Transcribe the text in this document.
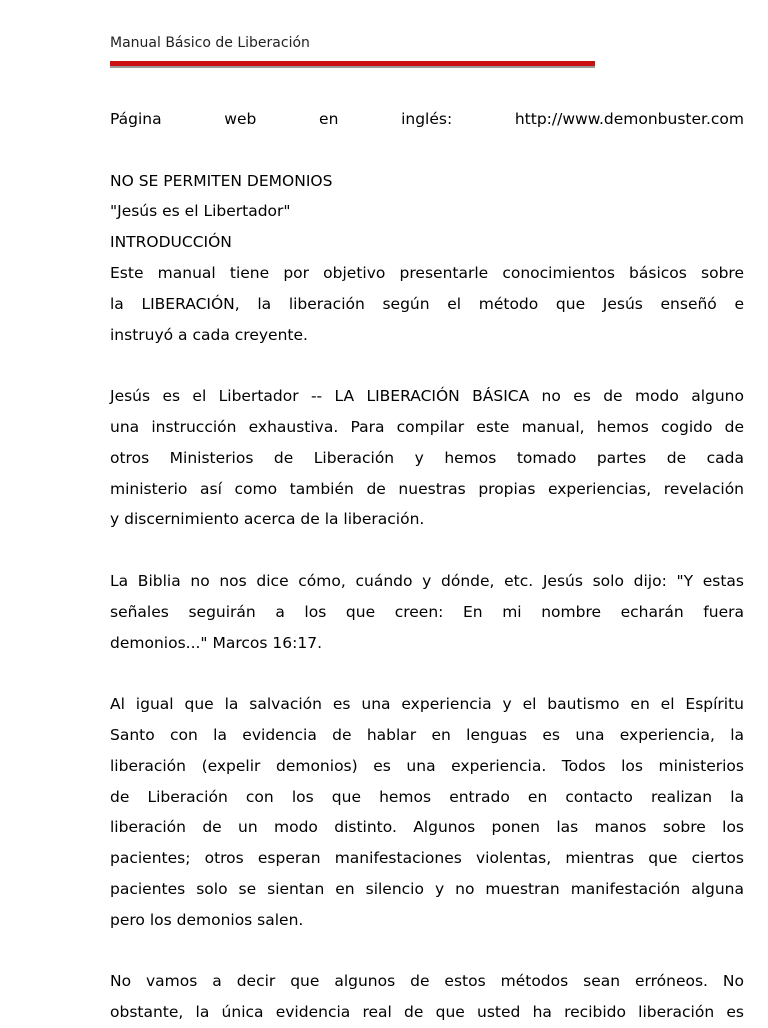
Manual Básico de Liberación
Página web en inglés: http://www.demonbuster.com
NO SE PERMITEN DEMONIOS
"Jesús es el Libertador"
INTRODUCCIÓN
Este manual tiene por objetivo presentarle conocimientos básicos sobre
la LIBERACIÓN, la liberación según el método que Jesús enseñó e
instruyó a cada creyente.
Jesús es el Libertador -- LA LIBERACIÓN BÁSICA no es de modo alguno
una instrucción exhaustiva. Para compilar este manual, hemos cogido de
otros Ministerios de Liberación y hemos tomado partes de cada
ministerio así como también de nuestras propias experiencias, revelación
y discernimiento acerca de la liberación.
La Biblia no nos dice cómo, cuándo y dónde, etc. Jesús solo dijo: "Y estas
señales seguirán a los que creen: En mi nombre echarán fuera
demonios..." Marcos 16:17.
Al igual que la salvación es una experiencia y el bautismo en el Espíritu
Santo con la evidencia de hablar en lenguas es una experiencia, la
liberación (expelir demonios) es una experiencia. Todos los ministerios
de Liberación con los que hemos entrado en contacto realizan la
liberación de un modo distinto. Algunos ponen las manos sobre los
pacientes; otros esperan manifestaciones violentas, mientras que ciertos
pacientes solo se sientan en silencio y no muestran manifestación alguna
pero los demonios salen.
No vamos a decir que algunos de estos métodos sean erróneos. No
obstante, la única evidencia real de que usted ha recibido liberación es
